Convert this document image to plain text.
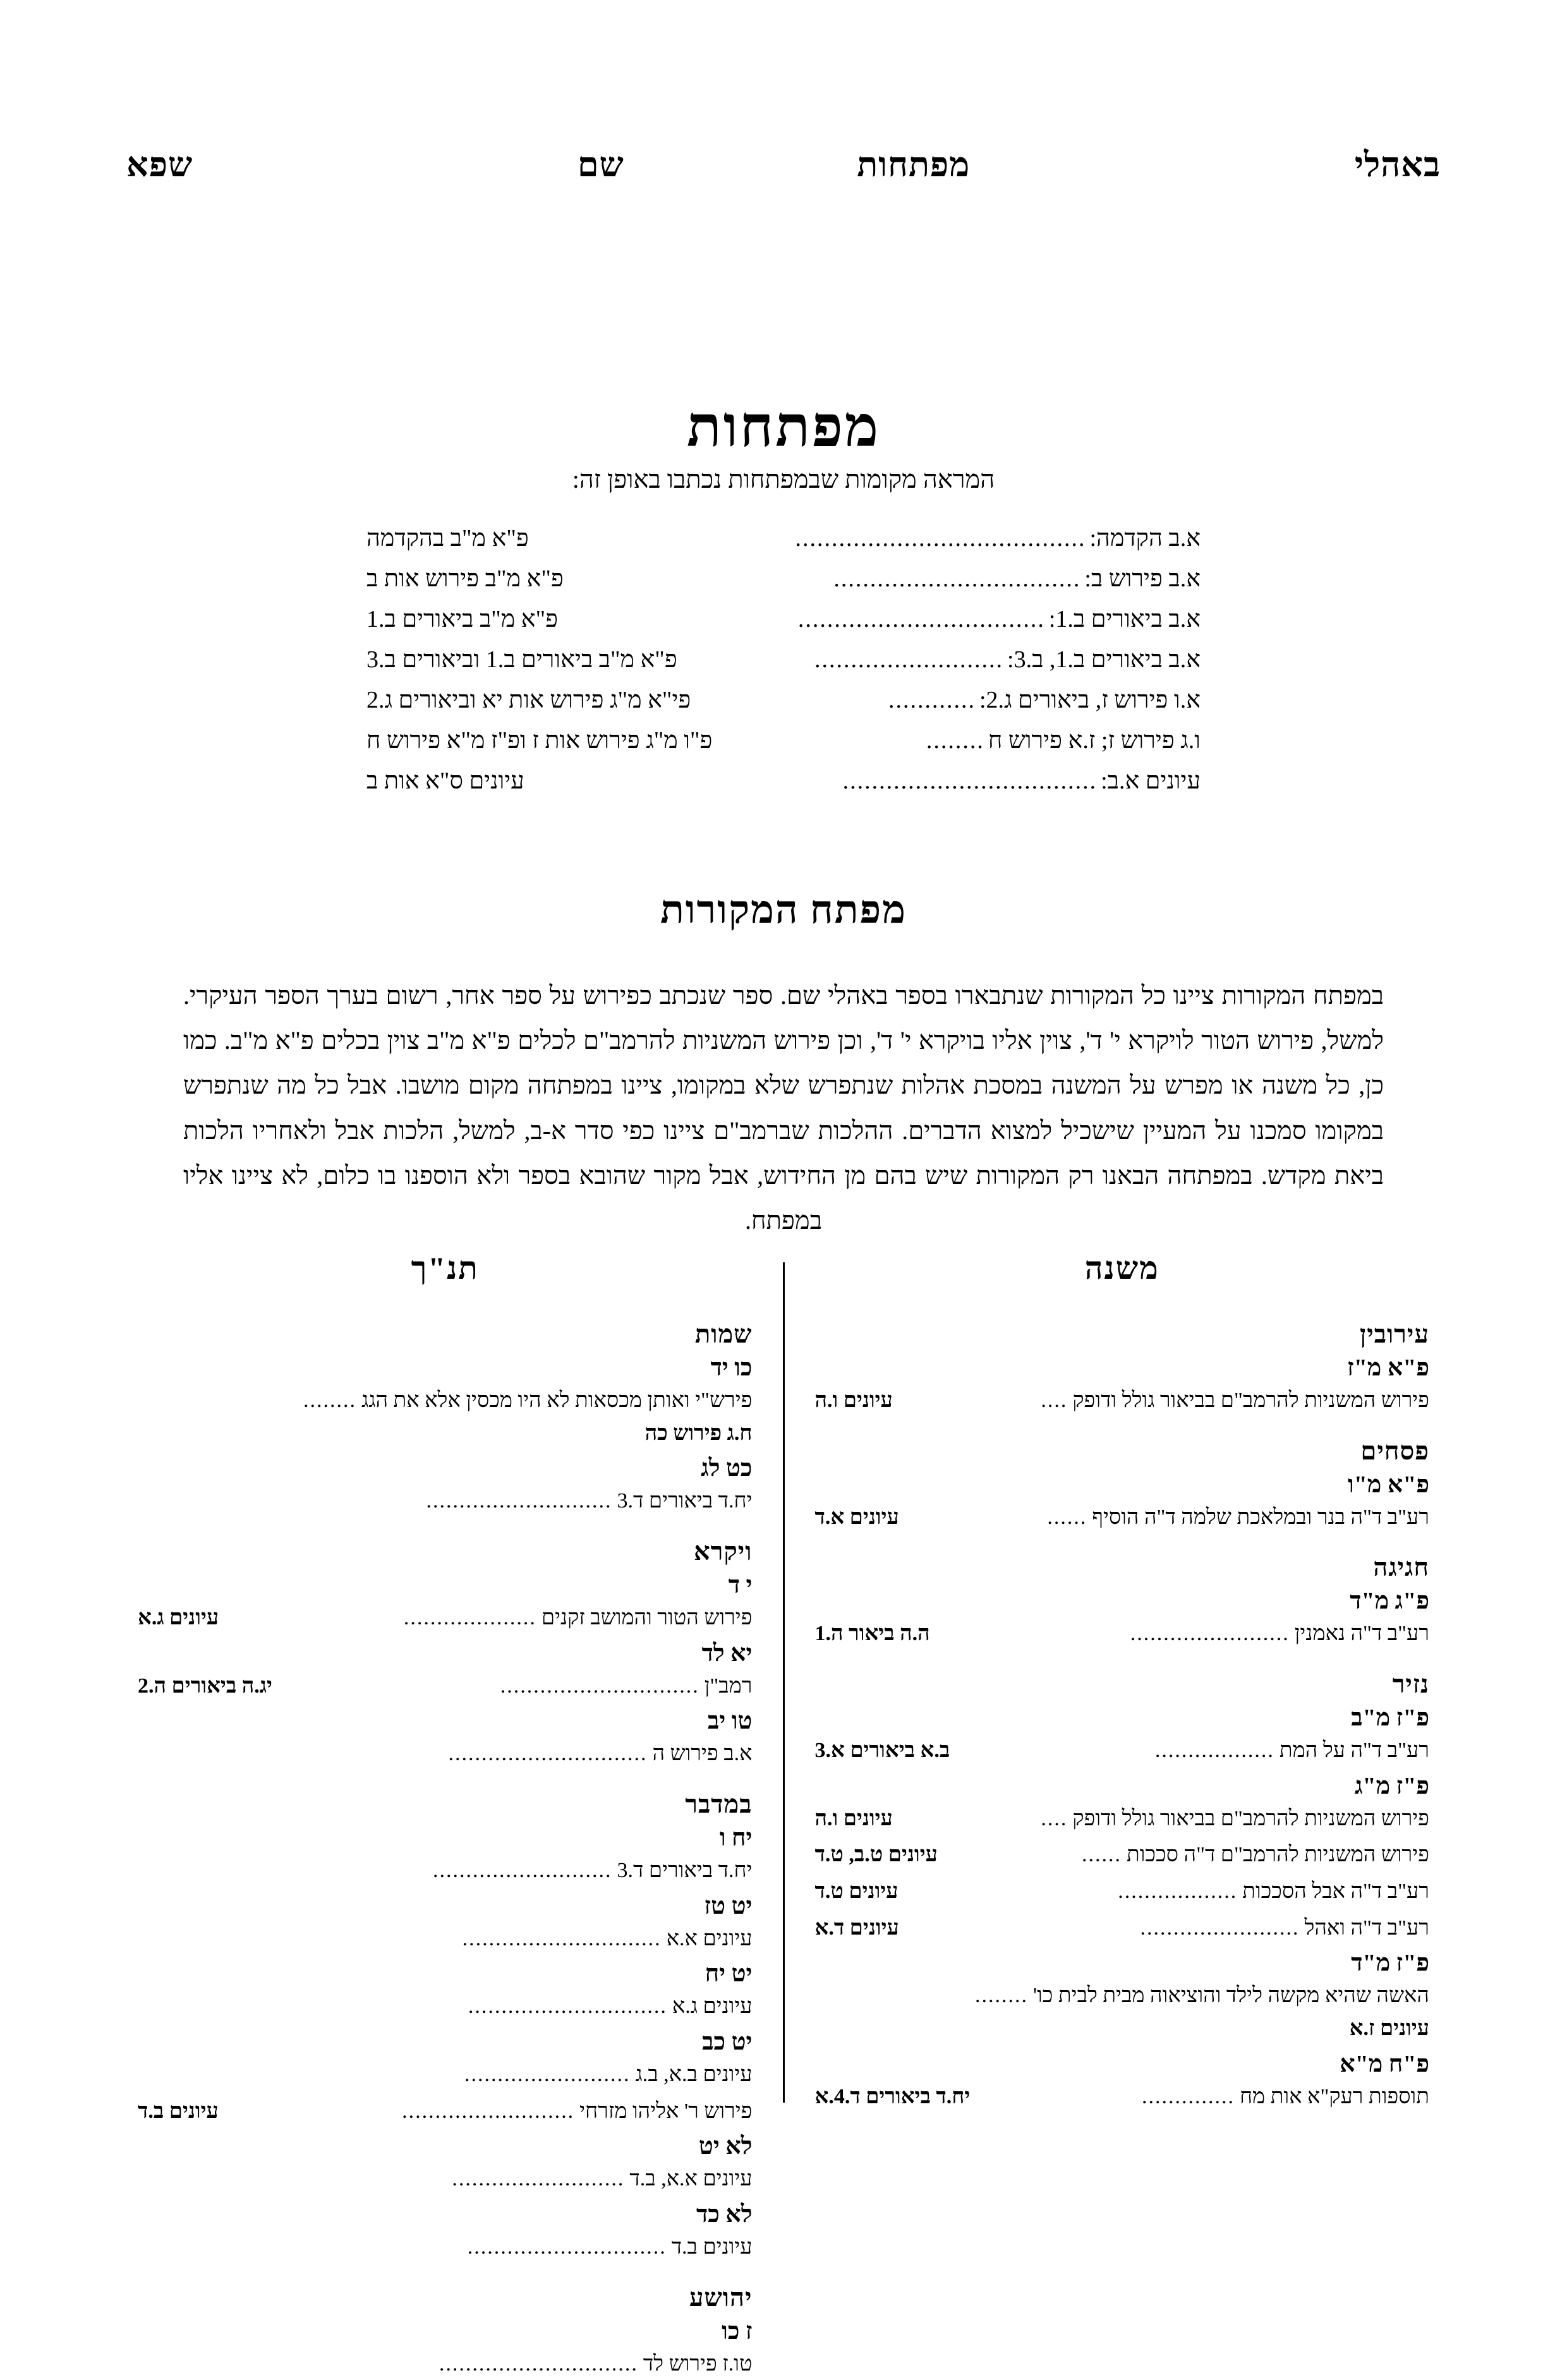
באהלי
מפתחות
שם
שפא
מפתחות
המראה מקומות שבמפתחות נכתבו באופן זה:
א.ב הקדמה:
........................................
פ"א מ"ב בהקדמה
א.ב פירוש ב:
..................................
פ"א מ"ב פירוש אות ב
א.ב ביאורים ב.1:
..................................
פ"א מ"ב ביאורים ב.1
א.ב ביאורים ב.1, ב.3:
..........................
פ"א מ"ב ביאורים ב.1 וביאורים ב.3
א.ו פירוש ז, ביאורים ג.2:
............
פי"א מ"ג פירוש אות יא וביאורים ג.2
ו.ג פירוש ז; ז.א פירוש ח
........
פ"ו מ"ג פירוש אות ז ופ"ז מ"א פירוש ח
עיונים א.ב:
...................................
עיונים ס"א אות ב
מפתח המקורות

במפתח המקורות ציינו כל המקורות שנתבארו בספר באהלי שם. ספר שנכתב כפירוש על ספר אחר, רשום בערך הספר העיקרי. למשל, פירוש הטור לויקרא י' ד', צוין אליו בויקרא י' ד', וכן פירוש המשניות להרמב"ם לכלים פ"א מ"ב צוין בכלים פ"א מ"ב. כמו כן, כל משנה או מפרש על המשנה במסכת אהלות שנתפרש שלא במקומו, ציינו במפתחה מקום מושבו. אבל כל מה שנתפרש במקומו סמכנו על המעיין שישכיל למצוא הדברים. ההלכות שברמב"ם ציינו כפי סדר א-ב, למשל, הלכות אבל ולאחריו הלכות ביאת מקדש. במפתחה הבאנו רק המקורות שיש בהם מן החידוש, אבל מקור שהובא בספר ולא הוספנו בו כלום, לא ציינו אליו במפתח.

משנה
עירובין
פ"א מ"ז
פירוש המשניות להרמב"ם בביאור גולל ודופק
....
עיונים ו.ה
פסחים
פ"א מ"ו
רע"ב ד"ה בנר ובמלאכת שלמה ד"ה הוסיף
......
עיונים א.ד
חגיגה
פ"ג מ"ד
רע"ב ד"ה נאמנין
........................
ה.ה ביאור ה.1
נזיר
פ"ז מ"ב
רע"ב ד"ה על המת
..................
ב.א ביאורים א.3
פ"ז מ"ג
פירוש המשניות להרמב"ם בביאור גולל ודופק
....
עיונים ו.ה
פירוש המשניות להרמב"ם ד"ה סככות
......
עיונים ט.ב, ט.ד
רע"ב ד"ה אבל הסככות
..................
עיונים ט.ד
רע"ב ד"ה ואהל
........................
עיונים ד.א
פ"ז מ"ד
האשה שהיא מקשה לילד והוציאוה מבית לבית כו'........
עיונים ז.א
פ"ח מ"א
תוספות רעק"א אות מח
..............
יח.ד ביאורים ד.4.א
תנ"ך
שמות
כו יד
פירש"י ואותן מכסאות לא היו מכסין אלא את הגג........
ח.ג פירוש כה
כט לג
יח.ד ביאורים ד.3
............................
ויקרא
י ד
פירוש הטור והמושב זקנים
....................
עיונים ג.א
יא לד
רמב"ן
..............................
יג.ה ביאורים ה.2
טו יב
א.ב פירוש ה
..............................
במדבר
יח ו
יח.ד ביאורים ד.3
...........................
יט טז
עיונים א.א
..............................
יט יח
עיונים ג.א
..............................
יט כב
עיונים ב.א, ב.ג
.........................
פירוש ר' אליהו מזרחי
..........................
עיונים ב.ד
לא יט
עיונים א.א, ב.ד
..........................
לא כד
עיונים ב.ד
..............................
יהושע
ז כו
טו.ז פירוש לד
..............................
